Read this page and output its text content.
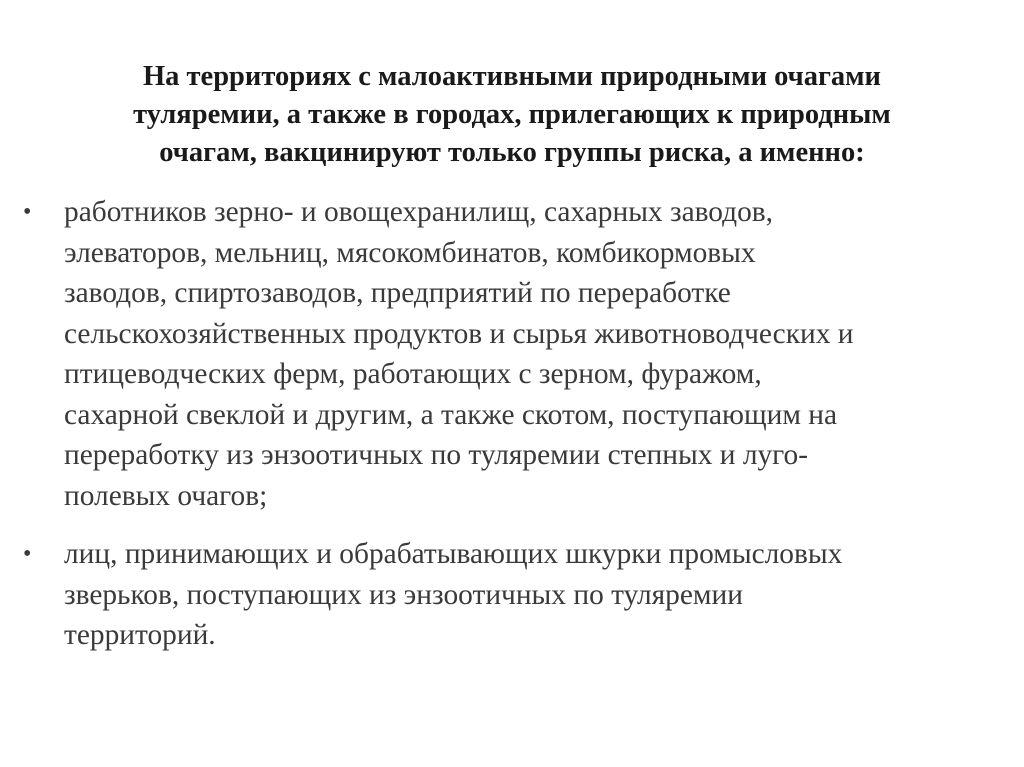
На территориях с малоактивными природными очагами
туляремии, а также в городах, прилегающих к природным
очагам, вакцинируют только группы риска, а именно:
• работников зерно- и овощехранилищ, сахарных заводов,
элеваторов, мельниц, мясокомбинатов, комбикормовых
заводов, спиртозаводов, предприятий по переработке
сельскохозяйственных продуктов и сырья животноводческих и
птицеводческих ферм, работающих с зерном, фуражом,
сахарной свеклой и другим, а также скотом, поступающим на
переработку из энзоотичных по туляремии степных и луго-
полевых очагов;
• лиц, принимающих и обрабатывающих шкурки промысловых
зверьков, поступающих из энзоотичных по туляремии
территорий.
